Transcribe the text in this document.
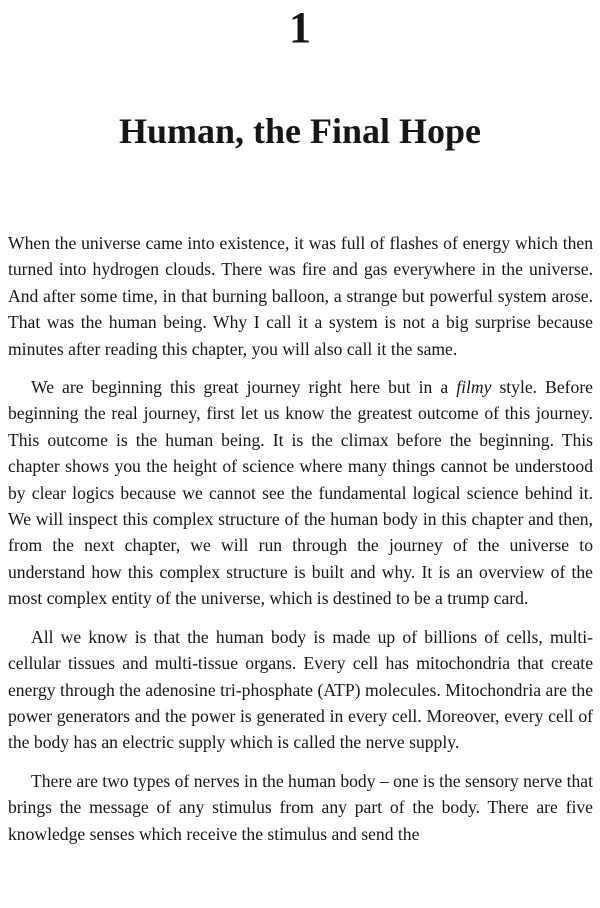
1
Human, the Final Hope

When the universe came into existence, it was full of flashes of energy which then turned into hydrogen clouds. There was fire and gas everywhere in the universe. And after some time, in that burning balloon, a strange but powerful system arose. That was the human being. Why I call it a system is not a big surprise because minutes after reading this chapter, you will also call it the same.

We are beginning this great journey right here but in a filmy style. Before beginning the real journey, first let us know the greatest outcome of this journey. This outcome is the human being. It is the climax before the beginning. This chapter shows you the height of science where many things cannot be understood by clear logics because we cannot see the fundamental logical science behind it. We will inspect this complex structure of the human body in this chapter and then, from the next chapter, we will run through the journey of the universe to understand how this complex structure is built and why. It is an overview of the most complex entity of the universe, which is destined to be a trump card.

All we know is that the human body is made up of billions of cells, multi-cellular tissues and multi-tissue organs. Every cell has mitochondria that create energy through the adenosine tri-phosphate (ATP) molecules. Mitochondria are the power generators and the power is generated in every cell. Moreover, every cell of the body has an electric supply which is called the nerve supply.

There are two types of nerves in the human body – one is the sensory nerve that brings the message of any stimulus from any part of the body. There are five knowledge senses which receive the stimulus and send the
